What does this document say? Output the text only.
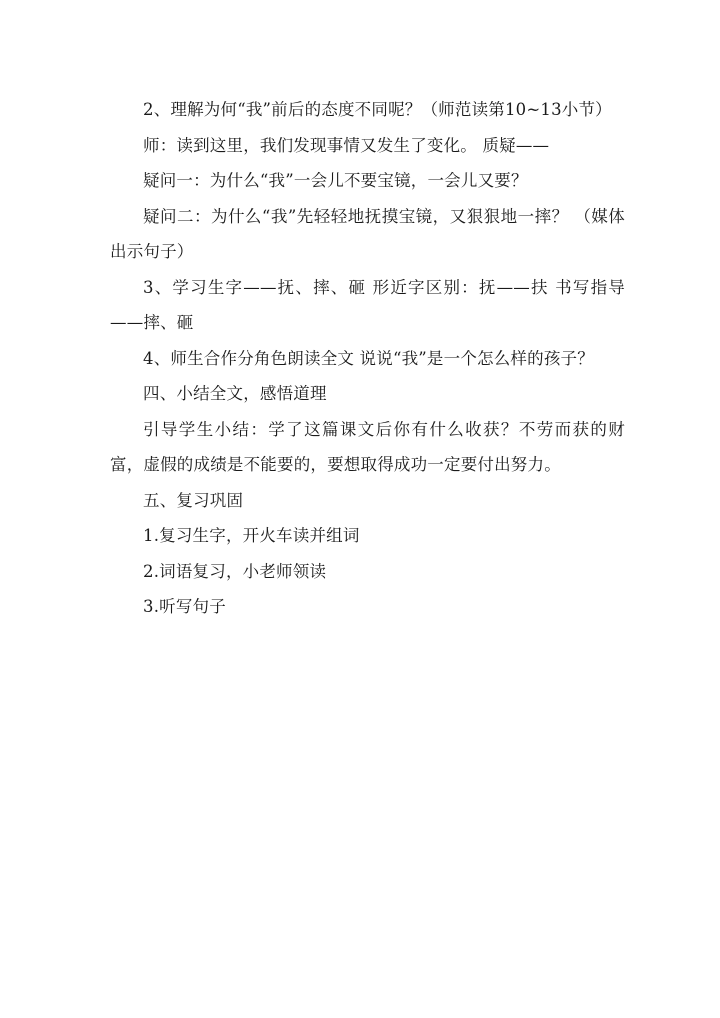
2、理解为何“我”前后的态度不同呢？（师范读第10~13小节）

师：读到这里，我们发现事情又发生了变化。 质疑——

疑问一：为什么“我”一会儿不要宝镜，一会儿又要？

疑问二：为什么“我”先轻轻地抚摸宝镜，又狠狠地一摔？ （媒体出示句子）

3、学习生字——抚、摔、砸 形近字区别：抚——扶 书写指导——摔、砸

4、师生合作分角色朗读全文 说说“我”是一个怎么样的孩子？

四、小结全文，感悟道理

引导学生小结：学了这篇课文后你有什么收获？不劳而获的财富，虚假的成绩是不能要的，要想取得成功一定要付出努力。

五、复习巩固

1.复习生字，开火车读并组词

2.词语复习，小老师领读

3.听写句子
